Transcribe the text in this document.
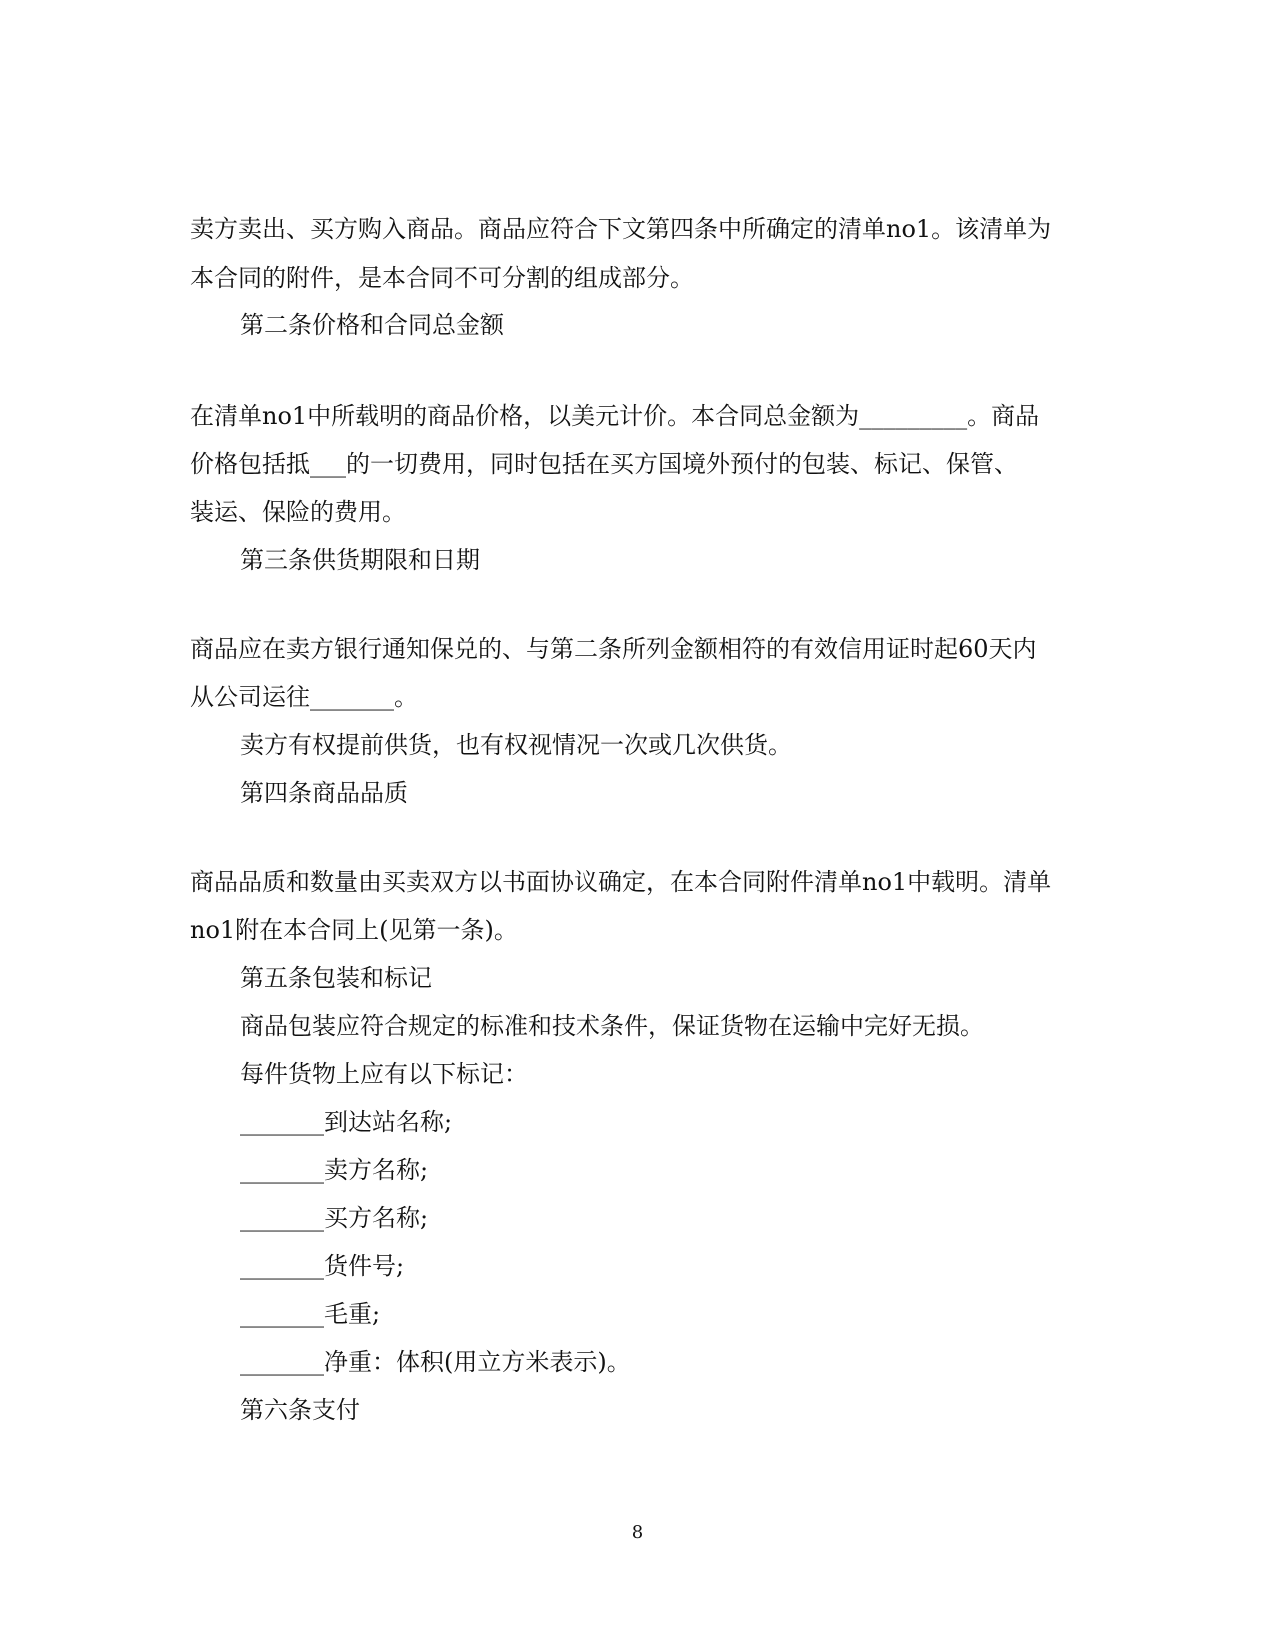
卖方卖出、买方购入商品。商品应符合下文第四条中所确定的清单no1。该清单为
本合同的附件，是本合同不可分割的组成部分。
第二条价格和合同总金额
在清单no1中所载明的商品价格，以美元计价。本合同总金额为_________。商品
价格包括抵___的一切费用，同时包括在买方国境外预付的包装、标记、保管、
装运、保险的费用。
第三条供货期限和日期
商品应在卖方银行通知保兑的、与第二条所列金额相符的有效信用证时起60天内
从公司运往_______。
卖方有权提前供货，也有权视情况一次或几次供货。
第四条商品品质
商品品质和数量由买卖双方以书面协议确定，在本合同附件清单no1中载明。清单
no1附在本合同上(见第一条)。
第五条包装和标记
商品包装应符合规定的标准和技术条件，保证货物在运输中完好无损。
每件货物上应有以下标记：
_______到达站名称;
_______卖方名称;
_______买方名称;
_______货件号;
_______毛重;
_______净重：体积(用立方米表示)。
第六条支付
8
